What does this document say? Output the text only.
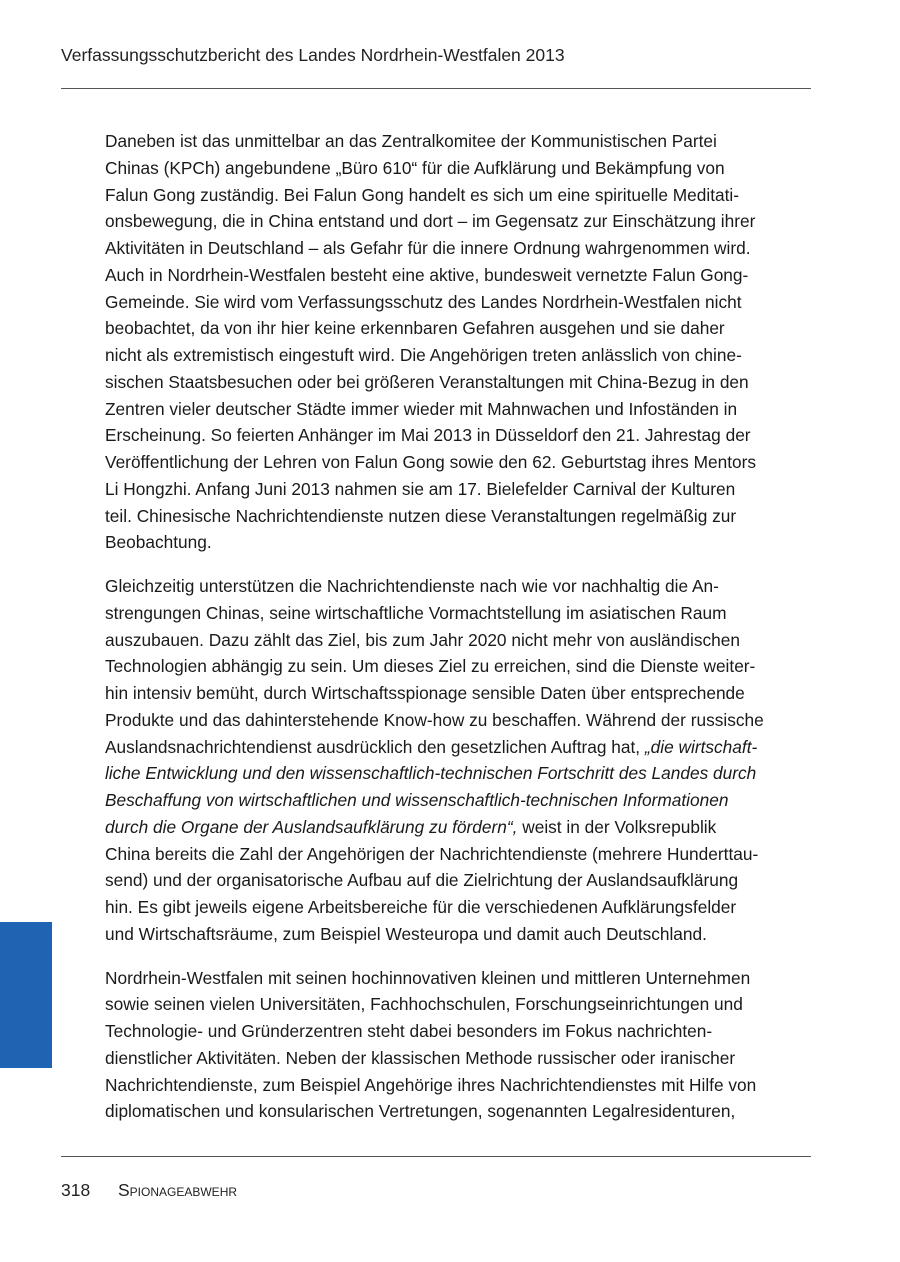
Verfassungsschutzbericht des Landes Nordrhein-Westfalen 2013

Daneben ist das unmittelbar an das Zentralkomitee der Kommunistischen Partei
Chinas (KPCh) angebundene „Büro 610“ für die Aufklärung und Bekämpfung von
Falun Gong zuständig. Bei Falun Gong handelt es sich um eine spirituelle Meditati-
onsbewegung, die in China entstand und dort – im Gegensatz zur Einschätzung ihrer
Aktivitäten in Deutschland – als Gefahr für die innere Ordnung wahrgenommen wird.
Auch in Nordrhein-Westfalen besteht eine aktive, bundesweit vernetzte Falun Gong-
Gemeinde. Sie wird vom Verfassungsschutz des Landes Nordrhein-Westfalen nicht
beobachtet, da von ihr hier keine erkennbaren Gefahren ausgehen und sie daher
nicht als extremistisch eingestuft wird. Die Angehörigen treten anlässlich von chine-
sischen Staatsbesuchen oder bei größeren Veranstaltungen mit China-Bezug in den
Zentren vieler deutscher Städte immer wieder mit Mahnwachen und Infoständen in
Erscheinung. So feierten Anhänger im Mai 2013 in Düsseldorf den 21. Jahrestag der
Veröffentlichung der Lehren von Falun Gong sowie den 62. Geburtstag ihres Mentors
Li Hongzhi. Anfang Juni 2013 nahmen sie am 17. Bielefelder Carnival der Kulturen
teil. Chinesische Nachrichtendienste nutzen diese Veranstaltungen regelmäßig zur
Beobachtung.

Gleichzeitig unterstützen die Nachrichtendienste nach wie vor nachhaltig die An-
strengungen Chinas, seine wirtschaftliche Vormachtstellung im asiatischen Raum
auszubauen. Dazu zählt das Ziel, bis zum Jahr 2020 nicht mehr von ausländischen
Technologien abhängig zu sein. Um dieses Ziel zu erreichen, sind die Dienste weiter-
hin intensiv bemüht, durch Wirtschaftsspionage sensible Daten über entsprechende
Produkte und das dahinterstehende Know-how zu beschaffen. Während der russische
Auslandsnachrichtendienst ausdrücklich den gesetzlichen Auftrag hat, „die wirtschaft-
liche Entwicklung und den wissenschaftlich-technischen Fortschritt des Landes durch
Beschaffung von wirtschaftlichen und wissenschaftlich-technischen Informationen
durch die Organe der Auslandsaufklärung zu fördern“, weist in der Volksrepublik
China bereits die Zahl der Angehörigen der Nachrichtendienste (mehrere Hunderttau-
send) und der organisatorische Aufbau auf die Zielrichtung der Auslandsaufklärung
hin. Es gibt jeweils eigene Arbeitsbereiche für die verschiedenen Aufklärungsfelder
und Wirtschaftsräume, zum Beispiel Westeuropa und damit auch Deutschland.

Nordrhein-Westfalen mit seinen hochinnovativen kleinen und mittleren Unternehmen
sowie seinen vielen Universitäten, Fachhochschulen, Forschungseinrichtungen und
Technologie- und Gründerzentren steht dabei besonders im Fokus nachrichten-
dienstlicher Aktivitäten. Neben der klassischen Methode russischer oder iranischer
Nachrichtendienste, zum Beispiel Angehörige ihres Nachrichtendienstes mit Hilfe von
diplomatischen und konsularischen Vertretungen, sogenannten Legalresidenturen,

318 Spionageabwehr
